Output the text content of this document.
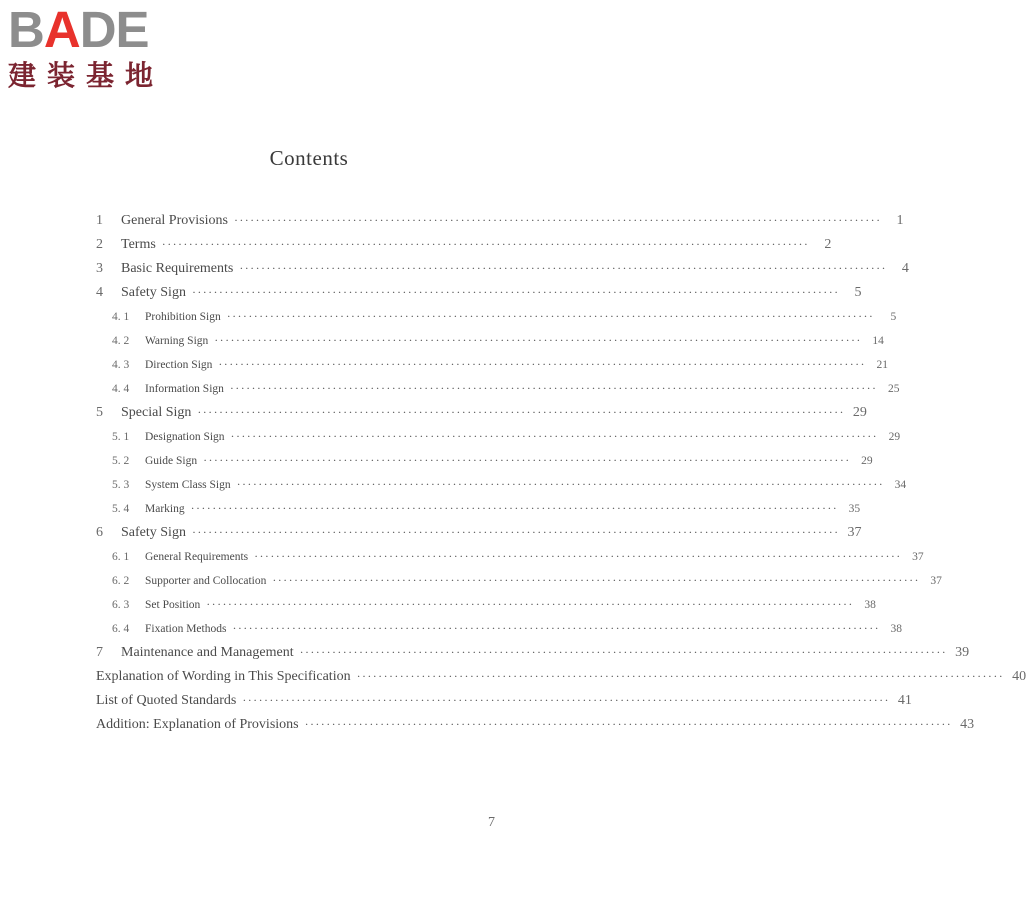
BADE
建装基地
Contents
1	General Provisions ························································································································	1
2	Terms ························································································································	2
3	Basic Requirements ························································································································	4
4	Safety Sign ························································································································	5
4. 1	Prohibition Sign ························································································································	5
4. 2	Warning Sign ························································································································ 14
4. 3	Direction Sign ························································································································ 21
4. 4	Information Sign ························································································································ 25
5	Special Sign ························································································································ 29
5. 1	Designation Sign ························································································································ 29
5. 2	Guide Sign ························································································································ 29
5. 3	System Class Sign ························································································································ 34
5. 4	Marking ························································································································ 35
6	Safety Sign ························································································································ 37
6. 1	General Requirements ························································································································ 37
6. 2	Supporter and Collocation ························································································································ 37
6. 3	Set Position ························································································································ 38
6. 4	Fixation Methods ························································································································ 38
7	Maintenance and Management ························································································································ 39
Explanation of Wording in This Specification ························································································································ 40
List of Quoted Standards ························································································································ 41
Addition: Explanation of Provisions ························································································································ 43
7
